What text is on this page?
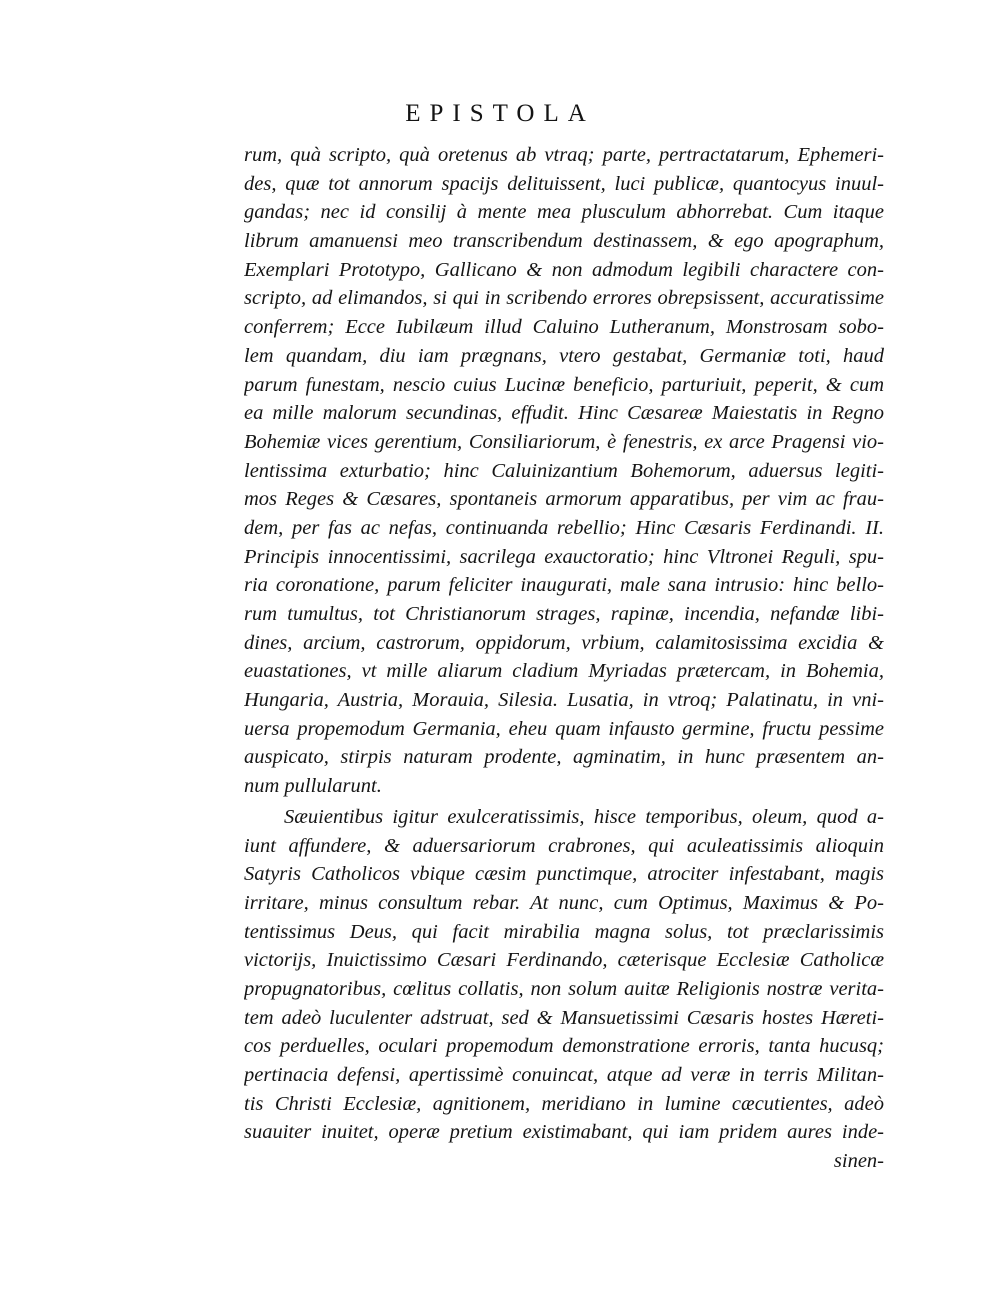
EPISTOLA
rum, quà scripto, quà oretenus ab vtraq; parte, pertractatarum, Ephemeri-
des, quæ tot annorum spacijs delituissent, luci publicæ, quantocyus inuul-
gandas; nec id consilij à mente mea plusculum abhorrebat. Cum itaque
librum amanuensi meo transcribendum destinassem, & ego apographum,
Exemplari Prototypo, Gallicano & non admodum legibili charactere con-
scripto, ad elimandos, si qui in scribendo errores obrepsissent, accuratissime
conferrem; Ecce Iubilæum illud Caluino Lutheranum, Monstrosam sobo-
lem quandam, diu iam prægnans, vtero gestabat, Germaniæ toti, haud
parum funestam, nescio cuius Lucinæ beneficio, parturiuit, peperit, & cum
ea mille malorum secundinas, effudit. Hinc Cæsareæ Maiestatis in Regno
Bohemiæ vices gerentium, Consiliariorum, è fenestris, ex arce Pragensi vio-
lentissima exturbatio; hinc Caluinizantium Bohemorum, aduersus legiti-
mos Reges & Cæsares, spontaneis armorum apparatibus, per vim ac frau-
dem, per fas ac nefas, continuanda rebellio; Hinc Cæsaris Ferdinandi. II.
Principis innocentissimi, sacrilega exauctoratio; hinc Vltronei Reguli, spu-
ria coronatione, parum feliciter inaugurati, male sana intrusio: hinc bello-
rum tumultus, tot Christianorum strages, rapinæ, incendia, nefandæ libi-
dines, arcium, castrorum, oppidorum, vrbium, calamitosissima excidia &
euastationes, vt mille aliarum cladium Myriadas prætercam, in Bohemia,
Hungaria, Austria, Morauia, Silesia. Lusatia, in vtroq; Palatinatu, in vni-
uersa propemodum Germania, eheu quam infausto germine, fructu pessime
auspicato, stirpis naturam prodente, agminatim, in hunc præsentem an-
num pullularunt.
Sæuientibus igitur exulceratissimis, hisce temporibus, oleum, quod a-
iunt affundere, & aduersariorum crabrones, qui aculeatissimis alioquin
Satyris Catholicos vbique cæsim punctimque, atrociter infestabant, magis
irritare, minus consultum rebar. At nunc, cum Optimus, Maximus & Po-
tentissimus Deus, qui facit mirabilia magna solus, tot præclarissimis
victorijs, Inuictissimo Cæsari Ferdinando, cæterisque Ecclesiæ Catholicæ
propugnatoribus, cœlitus collatis, non solum auitæ Religionis nostræ verita-
tem adeò luculenter adstruat, sed & Mansuetissimi Cæsaris hostes Hæreti-
cos perduelles, oculari propemodum demonstratione erroris, tanta hucusq;
pertinacia defensi, apertissimè conuincat, atque ad veræ in terris Militan-
tis Christi Ecclesiæ, agnitionem, meridiano in lumine cæcutientes, adeò
suauiter inuitet, operæ pretium existimabant, qui iam pridem aures inde-
sinen-
